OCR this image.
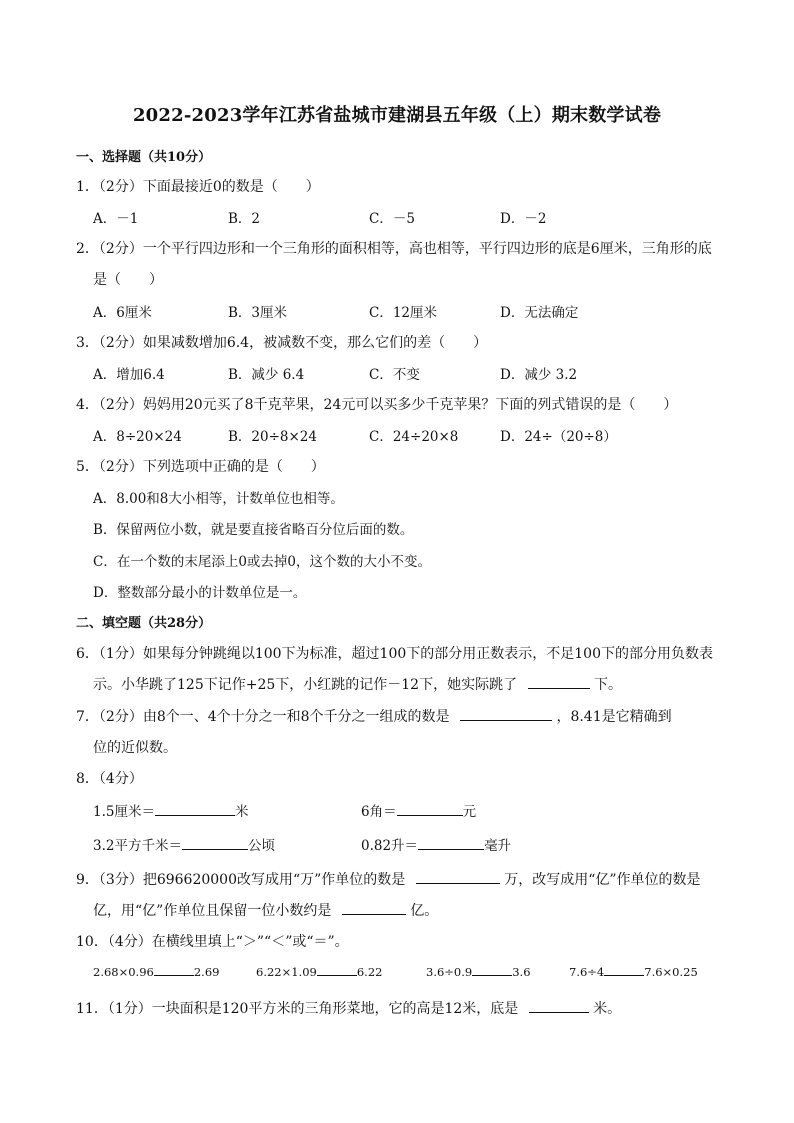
2022-2023学年江苏省盐城市建湖县五年级（上）期末数学试卷
一、选择题（共10分）
1．（2分）下面最接近0的数是（　　）
A．－1	B．2	C．－5	D．－2
2．（2分）一个平行四边形和一个三角形的面积相等，高也相等，平行四边形的底是6厘米，三角形的底
是（　　）
A．6厘米	B．3厘米	C．12厘米	D．无法确定
3．（2分）如果减数增加6.4，被减数不变，那么它们的差（　　）
A．增加6.4	B．减少 6.4	C．不变	D．减少 3.2
4．（2分）妈妈用20元买了8千克苹果，24元可以买多少千克苹果？下面的列式错误的是（　　）
A．8÷20×24	B．20÷8×24	C．24÷20×8	D．24÷（20÷8）
5．（2分）下列选项中正确的是（　　）
A．8.00和8大小相等，计数单位也相等。
B．保留两位小数，就是要直接省略百分位后面的数。
C．在一个数的末尾添上0或去掉0，这个数的大小不变。
D．整数部分最小的计数单位是一。
二、填空题（共28分）
6．（1分）如果每分钟跳绳以100下为标准，超过100下的部分用正数表示，不足100下的部分用负数表
示。小华跳了125下记作+25下，小红跳的记作－12下，她实际跳了	下。
7．（2分）由8个一、4个十分之一和8个千分之一组成的数是	，8.41是它精确到
位的近似数。
8．（4分）
1.5厘米＝	米	6角＝	元
3.2平方千米＝	公顷	0.82升＝	毫升
9．（3分）把696620000改写成用“万”作单位的数是	万，改写成用“亿”作单位的数是
亿，用“亿”作单位且保留一位小数约是	亿。
10．（4分）在横线里填上“＞”“＜”或“＝”。
2.68×0.96	2.69	6.22×1.09	6.22	3.6÷0.9	3.6	7.6÷4	7.6×0.25
11．（1分）一块面积是120平方米的三角形菜地，它的高是12米，底是	米。
